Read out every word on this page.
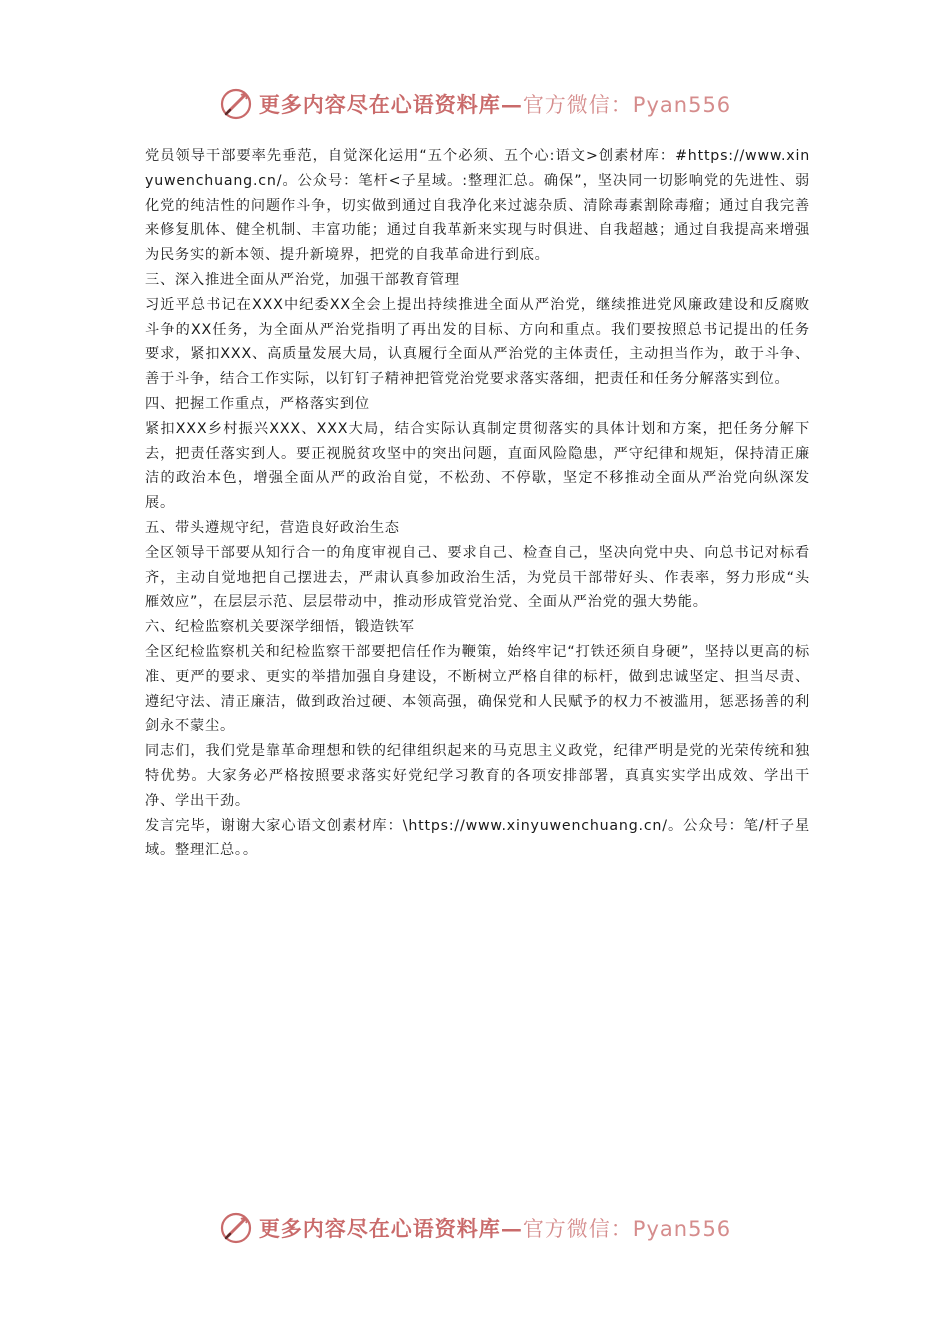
更多内容尽在心语资料库—官方微信：Pyan556

党员领导干部要率先垂范，自觉深化运用“五个必须、五个心:语文>创素材库：#https://www.xinyuwenchuang.cn/。公众号：笔杆<子星域。:整理汇总。确保”，坚决同一切影响党的先进性、弱化党的纯洁性的问题作斗争，切实做到通过自我净化来过滤杂质、清除毒素割除毒瘤；通过自我完善来修复肌体、健全机制、丰富功能；通过自我革新来实现与时俱进、自我超越；通过自我提高来增强为民务实的新本领、提升新境界，把党的自我革命进行到底。

三、深入推进全面从严治党，加强干部教育管理

习近平总书记在XXX中纪委XX全会上提出持续推进全面从严治党，继续推进党风廉政建设和反腐败斗争的XX任务，为全面从严治党指明了再出发的目标、方向和重点。我们要按照总书记提出的任务要求，紧扣XXX、高质量发展大局，认真履行全面从严治党的主体责任，主动担当作为，敢于斗争、善于斗争，结合工作实际，以钉钉子精神把管党治党要求落实落细，把责任和任务分解落实到位。

四、把握工作重点，严格落实到位

紧扣XXX乡村振兴XXX、XXX大局，结合实际认真制定贯彻落实的具体计划和方案，把任务分解下去，把责任落实到人。要正视脱贫攻坚中的突出问题，直面风险隐患，严守纪律和规矩，保持清正廉洁的政治本色，增强全面从严的政治自觉，不松劲、不停歇，坚定不移推动全面从严治党向纵深发展。

五、带头遵规守纪，营造良好政治生态

全区领导干部要从知行合一的角度审视自己、要求自己、检查自己，坚决向党中央、向总书记对标看齐，主动自觉地把自己摆进去，严肃认真参加政治生活，为党员干部带好头、作表率，努力形成“头雁效应”，在层层示范、层层带动中，推动形成管党治党、全面从严治党的强大势能。

六、纪检监察机关要深学细悟，锻造铁军

全区纪检监察机关和纪检监察干部要把信任作为鞭策，始终牢记“打铁还须自身硬”，坚持以更高的标准、更严的要求、更实的举措加强自身建设，不断树立严格自律的标杆，做到忠诚坚定、担当尽责、遵纪守法、清正廉洁，做到政治过硬、本领高强，确保党和人民赋予的权力不被滥用，惩恶扬善的利剑永不蒙尘。

同志们，我们党是靠革命理想和铁的纪律组织起来的马克思主义政党，纪律严明是党的光荣传统和独特优势。大家务必严格按照要求落实好党纪学习教育的各项安排部署，真真实实学出成效、学出干净、学出干劲。

发言完毕，谢谢大家心语文创素材库：\https://www.xinyuwenchuang.cn/。公众号：笔/杆子星域。整理汇总。。

更多内容尽在心语资料库—官方微信：Pyan556
